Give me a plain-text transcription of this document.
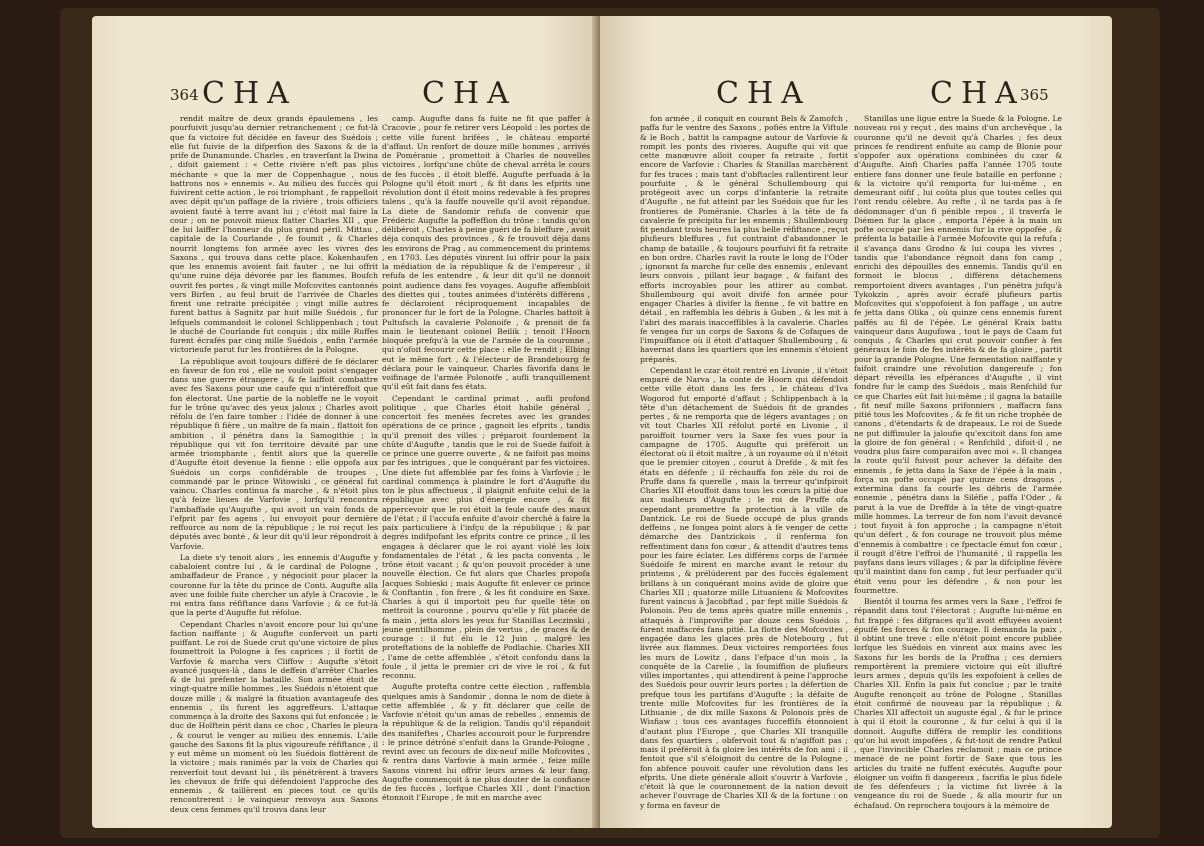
364 CHA	CHA

rendit maître de deux grands épaulemens , les pourfuivit jusqu'au dernier retranchement ; ce fut-là que fa victoire fut décidée en faveur des Suédois ; elle fut fuivie de la difperfion des Saxons & de la prife de Dunamunde. Charles , en traverfant la Dwina , difoit gaiement : « Cette rivière n'eft pas plus méchante » que la mer de Coppenhague , nous battrons nos » ennemis ». Au milieu des fuccès qui fuivirent cette action , le roi triomphant , fe rappelloit avec dépit qu'un paffage de la rivière , trois officiers avoient fauté à terre avant lui ; c'étoit mal faire la cour ; on ne pouvoit mieux flatter Charles XII , que de lui laiffer l'honneur du plus grand péril. Mittau , capitale de la Courlande , fe foumit , & Charles nourrit longtems fon armée avec les vivres des Saxons , qui trouva dans cette place. Kokenhaufen que les ennemis avoient fait fauter , ne lui offrit qu'une ruine déja dévorée par les flammes. Boufch ouvrit fes portes , & vingt mille Mofcovites cantonnés vers Birfen , au feul bruit de l'arrivée de Charles firent une retraite précipitée ; vingt mille autres furent battus à Sagnitz par huit mille Suédois , fur lefquels commandoit le colonel Schlippenbach ; tout le duché de Courlande fut conquis ; dix mille Ruffes furent écrafés par cinq mille Suédois , enfin l'armée victorieufe parut fur les frontières de la Pologne.

La république avoit toujours différé de fe déclarer en faveur de fon roi , elle ne vouloit point s'engager dans une guerre étrangere , & fe laiffoit combattre avec fes Saxons pour une caufe qui n'intéreffoit que fon électorat. Une partie de la nobleffe ne le voyoit fur le trône qu'avec des yeux jaloux ; Charles avoit réfolu de l'en faire tomber : l'idée de donner à une république fi fière , un maître de fa main , flattoit fon ambition , il pénétra dans la Samogithie ; la république qui vit fon territoire dévaité par une armée triomphante , fentit alors que la querelle d'Augufte étoit devenue la fienne : elle oppofa aux Suédois un corps confidérable de troupes , commandé par le prince Witowiski , ce général fut vaincu. Charles continua fa marche , & n'étoit plus qu'à feize lieues de Varfovie , lorfqu'il rencontra l'ambaffade qu'Augufte , qui avoit un vain fonds de l'efprit par fes agens , lui envoyoit pour dernière reffource au nom de la république ; le roi reçut les députés avec bonté , & leur dit qu'il leur répondroit à Varfovie.

La diete s'y tenoit alors , les ennemis d'Augufte y cabaloient contre lui , & le cardinal de Pologne , ambaffadeur de France , y négocioit pour placer la couronne fur la tête du prince de Conti. Augufte alla avec une foible fuite chercher un afyle à Cracovie , le roi entra fans réfiftance dans Varfovie ; & ce fut-là que la perte d'Augufte fut réfolue.

Cependant Charles n'avoit encore pour lui qu'une faction naiffante ; & Augufte confervoit un parti puiffant. Le roi de Suede crut qu'une victoire de plus foumettroit la Pologne à fes caprices ; il fortit de Varfovie & marcha vers Cliffow : Augufte s'étoit avancé jusques-là , dans le deffein d'arrêter Charles & de lui préfenter la bataille. Son armée étoit de vingt-quatre mille hommes , les Suédois n'étoient que douze mille ; & malgré la fituation avantageufe des ennemis , ils furent les aggreffeurs. L'attaque commença à la droite des Saxons qui fut enfoncée ; le duc de Holftein périt dans ce choc , Charles le pleura , & courut le venger au milieu des ennemis. L'aile gauche des Saxons fit la plus vigoureufe réfiftance , il y eut même un moment où les Suédois flottèrent de la victoire ; mais ranimés par la voix de Charles qui renverfoit tout devant lui , ils pénétrèrent à travers les chevaux de frife qui défendoient l'approche des ennemis , & taillèrent en pieces tout ce qu'ils rencontrerent : le vainqueur renvoya aux Saxons deux cens femmes qu'il trouva dans leur

camp. Augufte dans fa fuite ne fit que paffer à Cracovie , pour fe retirer vers Léopold : les portes de cette ville furent brifées , le château emporté d'affaut. Un renfort de douze mille hommes , arrivés de Poméranie , promettoit à Charles de nouvelles victoires , lorfqu'une chûte de cheval arrêta le cours de fes fuccès , il étoit bleffé. Augufte perfuada à la Pologne qu'il étoit mort , & fit dans les efprits une révolution dont il étoit moins redevable à fes propres talens , qu'à la fauffe nouvelle qu'il avoit répandue. La diete de Sandomir refufa de convenir que Frédéric Augufte la poffeffion du trône : tandis qu'on délibéroit , Charles à peine guéri de fa bleffure , avoit déja conquis des provinces , & fe trouvoit déja dans les environs de Prag , au commencement du printems , en 1703. Les députés vinrent lui offrir pour la paix la médiation de la république & de l'empereur , il refufa de les entendre , & leur dit qu'il ne donnoit point audience dans fes voyages. Augufte affembloit des diettes qui , toutes animées d'intérêts différens , fe déclaroient réciproquement incapables de prononcer fur le fort de la Pologne. Charles battoit à Pultufsch la cavalerie Polonoife , & prenoit de fa main le lieutenant colonel Beilik ; tenoit l'Hoorn bloquée prefqu'à la vue de l'armée de la couronne , qui n'ofoit fecourir cette place : elle fe rendit ; Elbing eut le même fort , & l'électeur de Brandebourg fe déclara pour le vainqueur. Charles fàvorifa dans le voifinage de l'armée Polonoife , aufli tranquillement qu'il eût fait dans fes états.

Cependant le cardinal primat , aufli profond politique , que Charles étoit habile général , concertoit fes menées fecretes avec les grandes opérations de ce prince , gagnoit les efprits , tandis qu'il prenoit des villes ; préparoit fourdement la chûte d'Augufte , tandis que le roi de Suede faifoit à ce prince une guerre ouverte , & ne faifoit pas moins par fes intrigues , que le conquérant par fes victoires. Une diete fut affemblée par fes foins à Varfovie ; le cardinal commença à plaindre le fort d'Augufte du ton le plus affectueux , il plaignit enfuite celui de la république avec plus d'énergie encore , & fit appercevoir que le roi étoit la feule caufe des maux de l'état ; il l'accufa enfuite d'avoir cherché à faire la paix particuliere à l'infçu de la république ; & par degrés indifpofant les efprits contre ce prince , il les engagea à déclarer que le roi ayant violé les loix fondamentales de l'état , & les pacta conventa , le trône étoit vacant ; & qu'on pouvoit procéder à une nouvelle élection. Ce fut alors que Charles propofa Jacques Sobieski ; mais Augufte fit enlever ce prince & Conftantin , fon frere , & les fit conduire en Saxe. Charles à qui il importoit peu fur quelle tête on mettroit la couronne , pourvu qu'elle y fût placée de fa main , jetta alors les yeux fur Stanillas Leczinski , jeune gentilhomme , plein de vertus , de graces & de courage : il fut élu le 12 Juin , malgré les proteftations de la nobleffe de Podlachie. Charles XII , l'ame de cette affemblée , s'étoit confondu dans la foule , il jetta le premier cri de vive le roi , & fut reconnu.

Augufte protefta contre cette élection , raffembla quelques amis à Sandomir , donna le nom de diete à cette affemblée , & y fit déclarer que celle de Varfovie n'étoit qu'un amas de rebelles , ennemis de la république & de la religion. Tandis qu'il répandoit des manifeftes , Charles accouroit pour le furprendre : le prince détrôné s'enfuit dans la Grande-Pologne , revint avec un fecours de dix-neuf mille Mofcovites , & rentra dans Varfovie à main armée , feize mille Saxons vinrent lui offrir leurs armes & leur fang. Augufte commençoit à ne plus douter de la confiance de fes fuccès , lorfque Charles XII , dont l'inaction étonnoit l'Europe , fe mit en marche avec

CHA	CHA
365

fon armée , il conquit en courant Bels & Zamofch , paffa fur le ventre des Saxons , pofiés entre la Viftule & le Boch , battit la campagne autour de Varfovie & rompit les ponts des rivieres. Augufte qui vit que cette manœuvre alloit couper fa retraite , fortit encore de Varfovie : Charles & Stanillas marchèrent fur fes traces ; mais tant d'obftacles rallentirent leur pourfuite , & le général Schullembourg qui protégeoit avec un corps d'infanterie la retraite d'Augufte , ne fut atteint par les Suédois que fur les frontieres de Poméranie. Charles à la tête de fa cavalerie fe précipita fur les ennemis ; Shullembourg fit pendant trois heures la plus belle réfiftance , reçut plufieurs bleffures , fut contraint d'abandonner le champ de bataille , & toujours pourfuivi fit fa retraite en bon ordre. Charles ravit la route le long de l'Oder , ignorant fa marche fur celle des ennemis , enlevant leurs convois , pillant leur bagage , & faifant des efforts incroyables pour les attirer au combat. Shullembourg qui avoit divifé fon armée pour engager Charles à divifer la fienne , fe vit battre en détail , en raffembla les débris à Guben , & les mit à l'abri des marais inacceffibles à la cavalerie. Charles fe vengea fur un corps de Saxons & de Cofaques de l'impuiffance où il étoit d'attaquer Shullembourg , & havernat dans les quartiers que les ennemis s'étoient préparés.

Cependant le czar étoit rentré en Livonie , il s'étoit emparé de Narva , la conte de Hoorn qui défendoit cette ville étoit dans les fers , le château d'Iva Wogorod fut emporté d'affaut ; Schlippenbach à la tête d'un détachement de Suédois fit de grandes pertes , & ne remporta que de légers avantages ; on vit tout Charles XII réfolut porté en Livonie , il paroiffoit tourner vers la Saxe fes vues pour la campagne de 1705. Augufte qui préféroit un électorat où il étoit maître , à un royaume où il n'étoit que le premier citoyen , courut à Drefde , & mit fes états en défenfe ; il réchauffa fon zèle du roi de Pruffe dans fa querelle , mais la terreur qu'infpiroit Charles XII étouffoit dans tous les cœurs la pitié due aux malheurs d'Augufte ; le roi de Pruffe ofa cependant promettre fa protection à la ville de Dantzick. Le roi de Suede occupé de plus grands deffeins , ne fongea point alors à fe venger de cette démarche des Dantzickois , il renferma fon reffentiment dans fon cœur , & attendit d'autres tems pour les faire éclater. Les différens corps de l'armée Suédoife fe mirent en marche avant le retour du printems , & prélúderent par des fuccès également brillans à un conquérant moins avide de gloire que Charles XII ; quatorze mille Lituaniens & Mofcovites furent vaincus à Jacobftad , par fept mille Suédois & Polonois. Peu de tems après quatre mille ennemis , attaqués à l'improvifte par douze cens Suédois , furent maffacrés fans pitié. La flotte des Mofcovites , engagée dans les glaces près de Notebourg , fut livrée aux flammes. Deux victoires remportées fous les murs de Lowitz , dans l'efpace d'un mois , la conquête de la Carelie , la foumiffion de plufieurs villes importantes , qui attendirent à peine l'approche des Suédois pour ouvrir leurs portes ; la défertion de prefque tous les partifans d'Augufte ; la défaite de trente mille Mofcovites fur les frontières de la Lithuanie , de dix mille Saxons & Polonois près de Wisfiaw ; tous ces avantages fucceffifs étonnoient d'autant plus l'Europe , que Charles XII tranquille dans fes quartiers , obfervoit tout & n'agiffoit pas ; mais il préféroit à fa gloire les intérêts de fon ami : il fentoit que s'il s'éloignoit du centre de la Pologne , fon abfence pouvoit caufer une révolution dans les efprits. Une diete générale alloit s'ouvrir à Varfovie , c'étoit là que le couronnement de la nation devoit achever l'ouvrage de Charles XII & de la fortune : on y forma en faveur de

Stanillas une ligue entre la Suede & la Pologne. Le nouveau roi y reçut , des mains d'un archevêque , la couronne qu'il ne devoit qu'à Charles ; fes deux princes fe rendirent enfuite au camp de Blonie pour s'oppofer aux opérations combinées du czar & d'Augufte. Ainfi Charles paffa l'année 1705 toute entiere fans donner une feule bataille en perfonne ; & la victoire qu'il remporta fur lui-même , en demeurant oifif , lui coûta plus que toutes celles qui l'ont rendu célebre. Au refte , il ne tarda pas à fe dédommager d'un fi pénible repos , il traverfa le Diémen fur la glace , emporta l'épée à la main un pofte occupé par les ennemis fur la rive oppofée , & préfenta la bataille à l'armée Mofcovite qui la refufa ; il s'avança dans Grodno & lui coupa les vivres , tandis que l'abondance régnoit dans fon camp , enrichi des dépouilles des ennemis. Tandis qu'il en formoit le blocus , différens détachemens remportoient divers avantages , l'un pénétra jufqu'à Tykokzin , après avoir écrafé plufieurs partis Mofcovites qui s'oppofoient à fon paffage , un autre fe jetta dans Olika , où quinze cens ennemis furent paffés au fil de l'épée. Le général Kraix battu vainqueur dans Augufowa , tout le pays de Caam fut conquis , & Charles qui crut pouvoir confier à fes généraux le foin de fes intérêts & de fa gloire , partit pour la grande Pologne. Une fermentation naiffante y faifoit craindre une révolution dangereufe ; fon départ réveilla les efpérances d'Augufte , il vint fondre fur le camp des Suédois , mais Renfchild fur ce que Charles eût fait lui-même ; il gagna la bataille , fit neuf mille Saxons prifonniers , maffacra fans pitié tous les Mofcovites , & fe fit un riche trophée de canons , d'étendarts & de drapeaux. Le roi de Suede ne put diffimuler la jaloufie qu'excitoit dans fon ame la gloire de fon général : « Renfchild , difoit-il , ne voudra plus faire comparaifon avec moi ». Il changea la route qu'il fuivoit pour achever la défaite des ennemis , fe jetta dans la Saxe de l'épée à la main , força un pofte occupé par quinze cens dragons , extermina dans fa courfe les débris de l'armée ennemie , pénétra dans la Siléfie , paffa l'Oder , & parut à la vue de Dreffde à la tête de vingt-quatre mille hommes. La terreur de fon nom l'avoit devancé ; tout fuyoit à fon approche ; la campagne n'étoit qu'un défert , & fon courage ne trouvoit plus même d'ennemis à combattre : ce fpectacle émut fon cœur , il rougit d'être l'effroi de l'humanité , il rappella les payfans dans leurs villages ; & par la difcipline févère qu'il maintint dans fon camp , fut leur perfuader qu'il étoit venu pour les défendre , & non pour les fourmettre.

Bientôt il tourna fes armes vers la Saxe , l'effroi fe répandit dans tout l'électorat ; Augufte lui-même en fut frappé : fes difgraces qu'il avoit effuyées avoient épuifé fes forces & fon courage. Il demanda la paix , il obtint une treve : elle n'étoit point encore publiée lorfque les Suédois en vinrent aux mains avec les Saxons fur les bords de la Proffna ; ces derniers remportèrent la premiere victoire qui eût illuftré leurs armes , depuis qu'ils les expofoient à celles de Charles XII. Enfin la paix fut conclue ; par le traité Augufte renonçoit au trône de Pologne , Stanillas étoit confirmé de nouveau par la république ; & Charles XII affectoit un auguste égal , & fur le prince à qui il étoit la couronne , & fur celui à qui il la donnoit. Augufte différa de remplir les conditions qu'on lui avoit impofées , & fut-tout de rendre Patkul , que l'invincible Charles réclamoit ; mais ce prince menacé de ne point fortir de Saxe que tous les articles du traité ne fuffent exécutés. Augufte pour éloigner un voifin fi dangereux , facrifia le plus fidele de fes défenfeurs ; la victime fut livrée à la vengeance du roi de Suede , & alla mourir fur un échafaud. On reprochera toujours à la mémoire de
